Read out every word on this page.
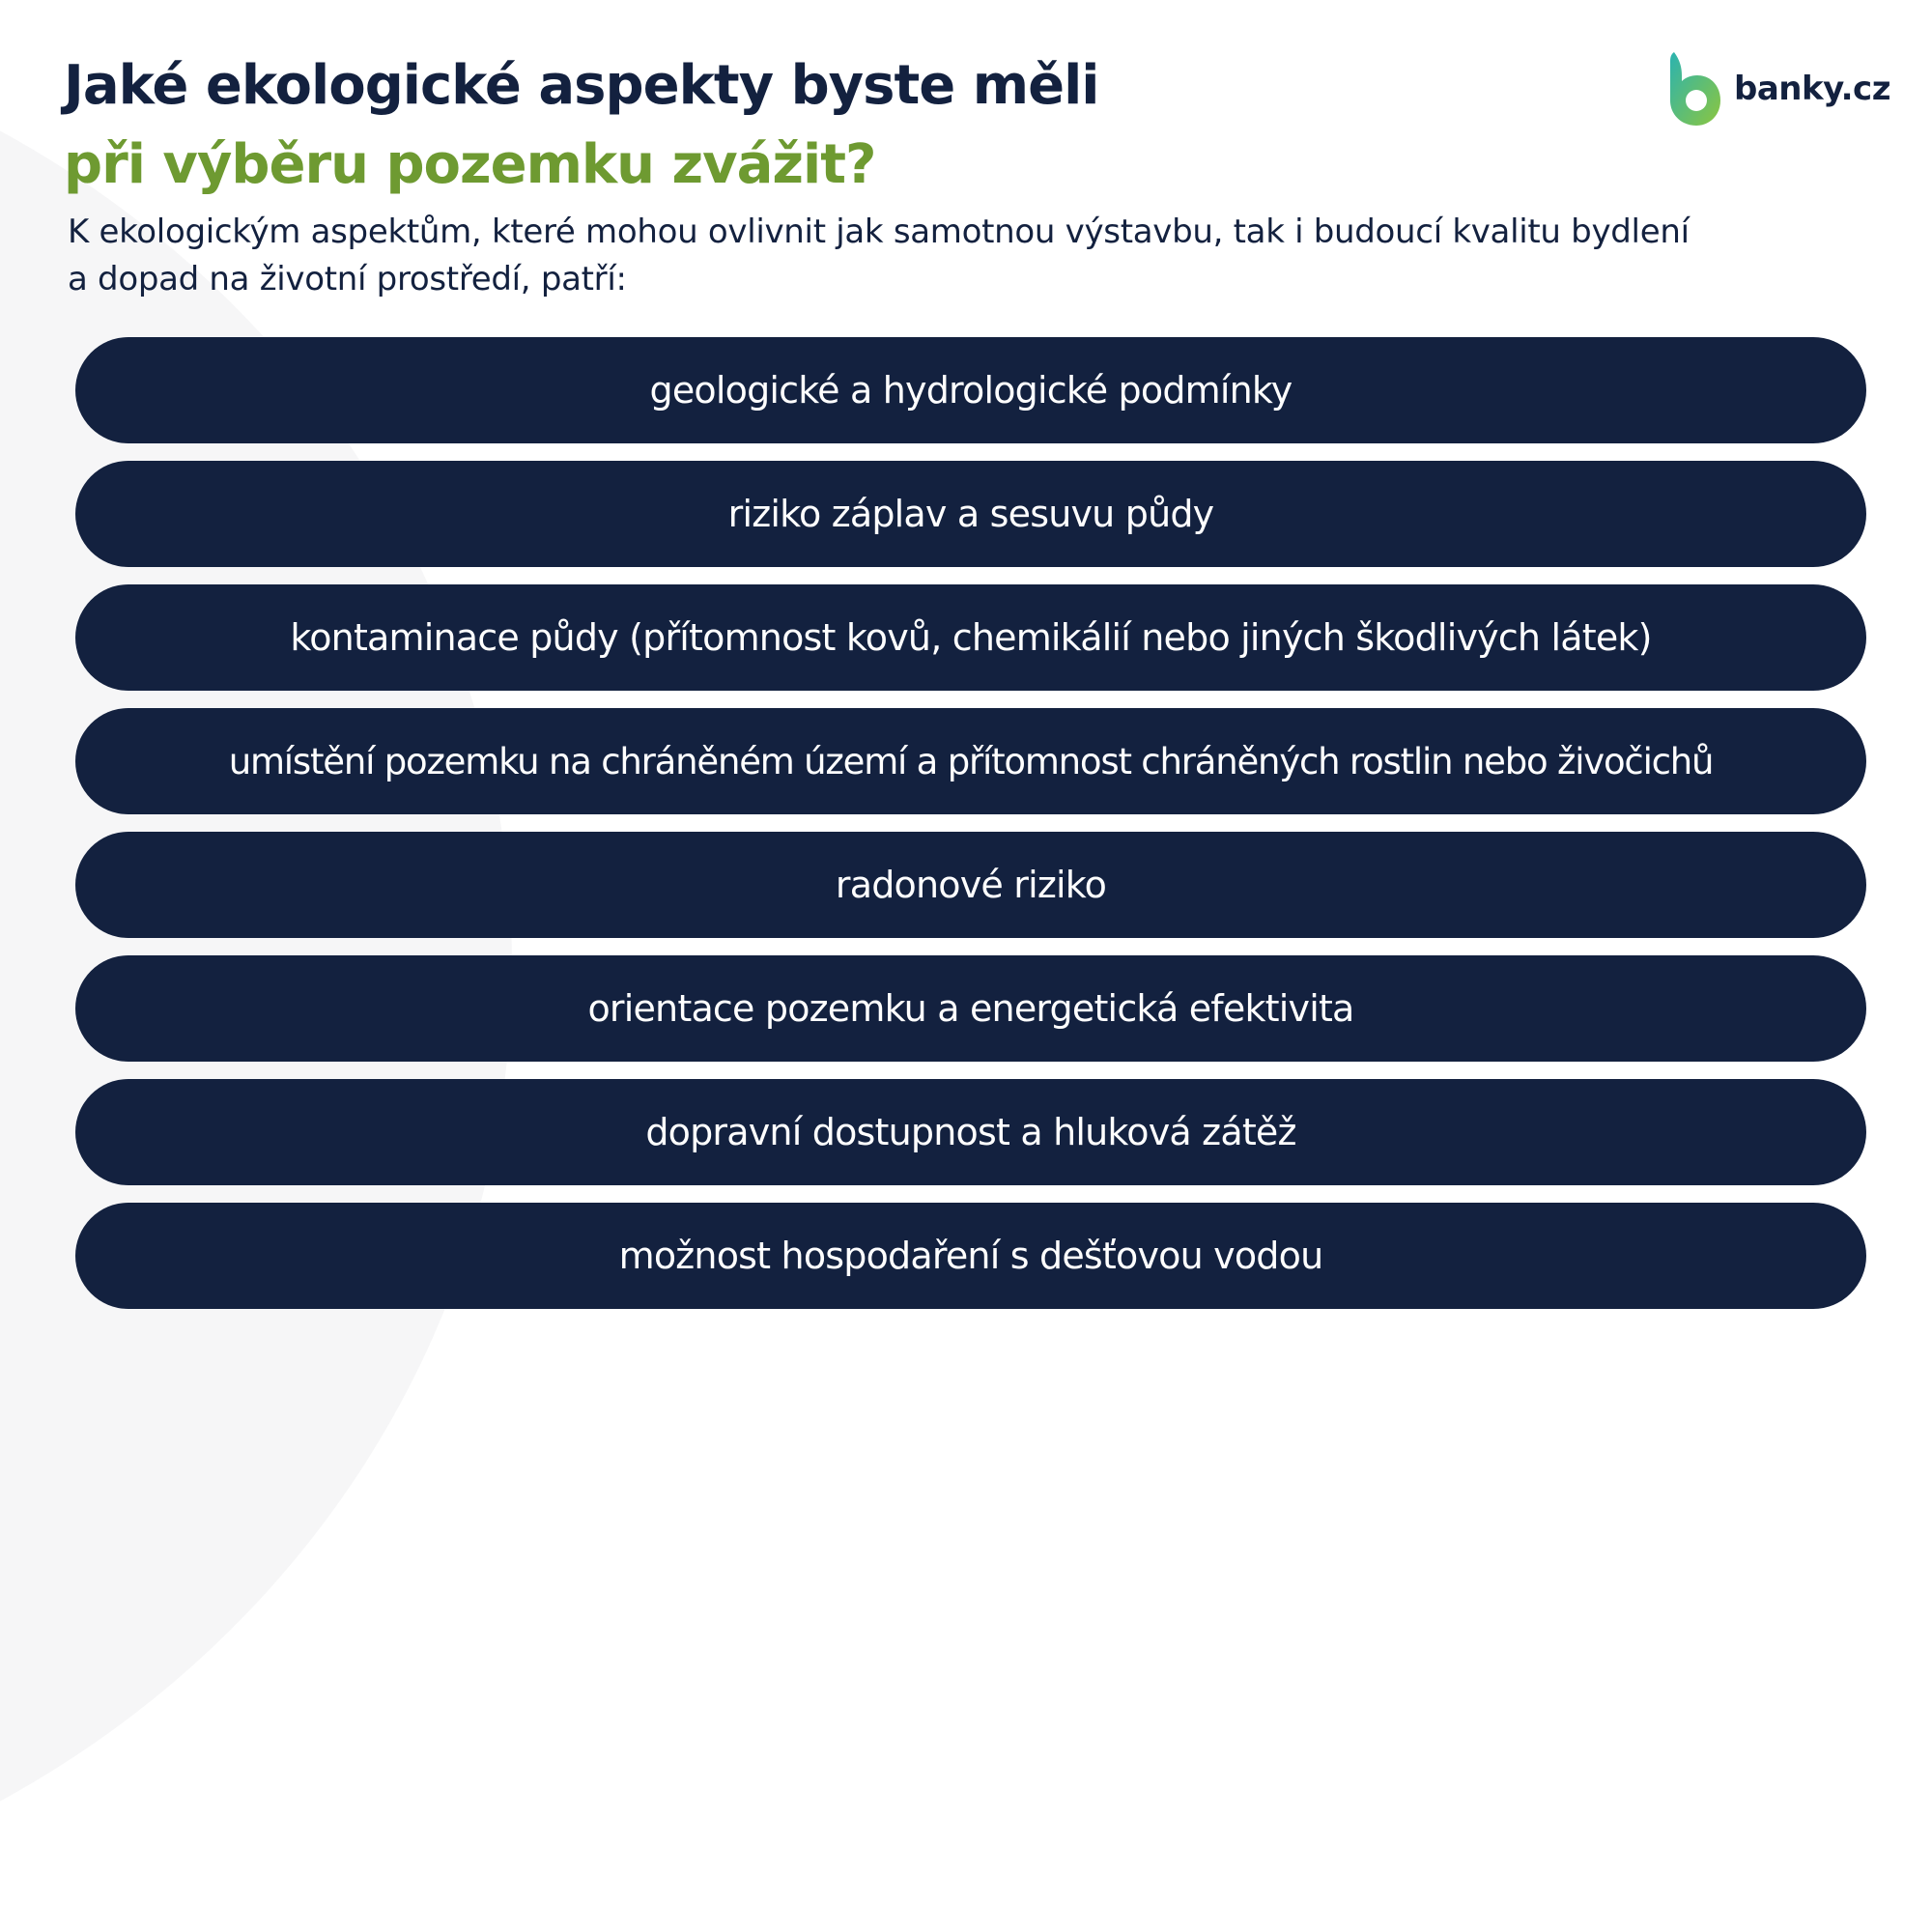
Jaké ekologické aspekty byste měli
při výběru pozemku zvážit?
banky.cz

K ekologickým aspektům, které mohou ovlivnit jak samotnou výstavbu, tak i budoucí kvalitu bydlení
a dopad na životní prostředí, patří:

geologické a hydrologické podmínky
riziko záplav a sesuvu půdy
kontaminace půdy (přítomnost kovů, chemikálií nebo jiných škodlivých látek)
umístění pozemku na chráněném území a přítomnost chráněných rostlin nebo živočichů
radonové riziko
orientace pozemku a energetická efektivita
dopravní dostupnost a hluková zátěž
možnost hospodaření s dešťovou vodou
